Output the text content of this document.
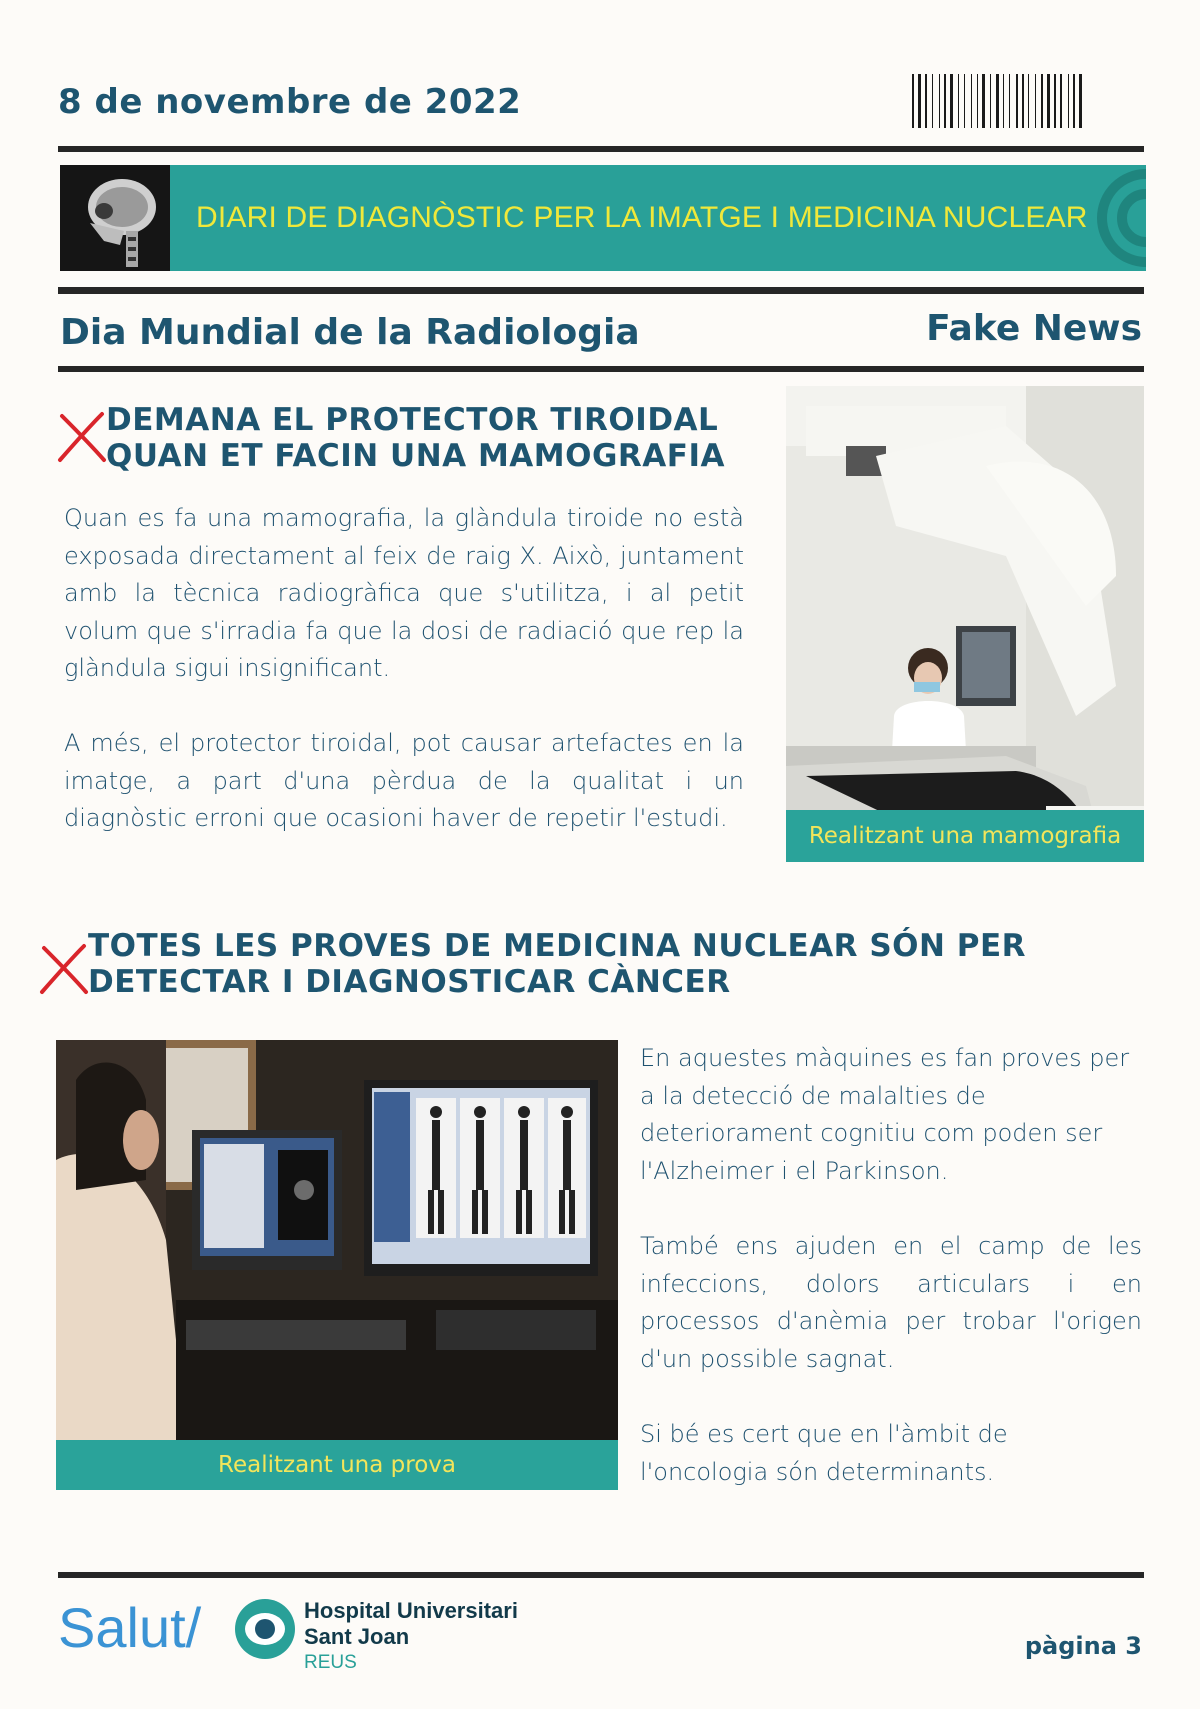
8 de novembre de 2022
DIARI DE DIAGNÒSTIC PER LA IMATGE I MEDICINA NUCLEAR
Dia Mundial de la Radiologia	Fake News
DEMANA EL PROTECTOR TIROIDAL
QUAN ET FACIN UNA MAMOGRAFIA
Quan es fa una mamografia, la glàndula tiroide no està exposada directament al feix de raig X. Això, juntament amb la tècnica radiogràfica que s'utilitza, i al petit volum que s'irradia fa que la dosi de radiació que rep la glàndula sigui insignificant.
A més, el protector tiroidal, pot causar artefactes en la imatge, a part d'una pèrdua de la qualitat i un diagnòstic erroni que ocasioni haver de repetir l'estudi.
Realitzant una mamografia
TOTES LES PROVES DE MEDICINA NUCLEAR SÓN PER
DETECTAR I DIAGNOSTICAR CÀNCER
Realitzant una prova
En aquestes màquines es fan proves per a la detecció de malalties de deteriorament cognitiu com poden ser l'Alzheimer i el Parkinson.
També ens ajuden en el camp de les infeccions, dolors articulars i en processos d'anèmia per trobar l'origen d'un possible sagnat.
Si bé es cert que en l'àmbit de l'oncologia són determinants.
Salut/	Hospital Universitari
Sant Joan
REUS
pàgina 3
